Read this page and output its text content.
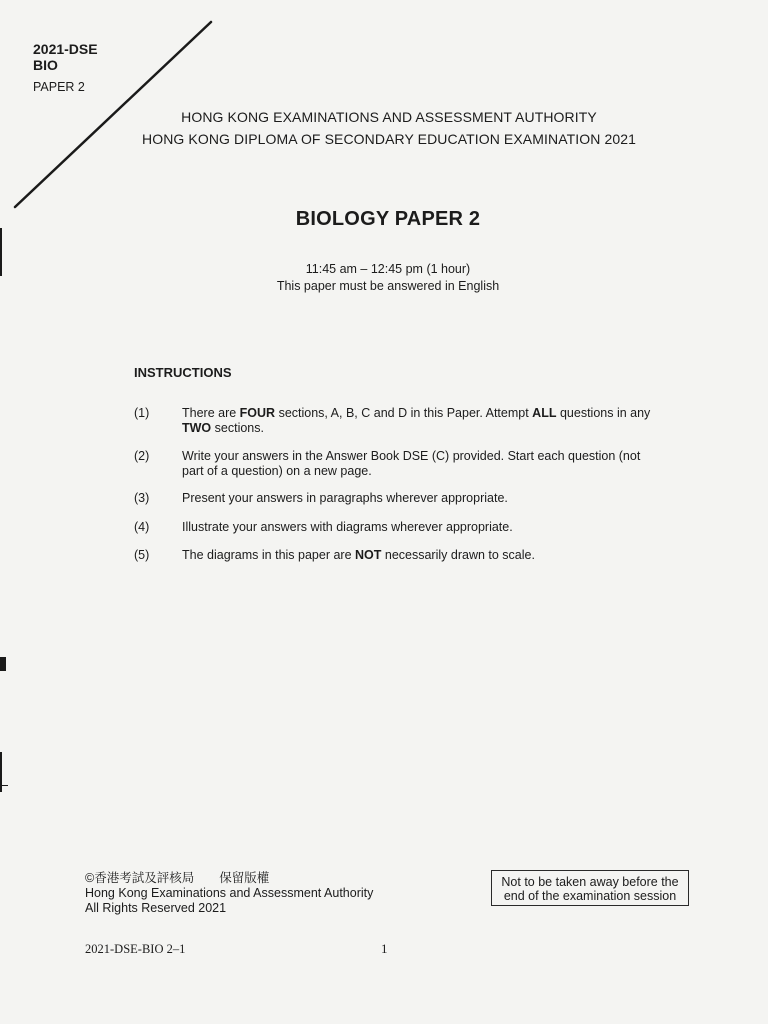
2021-DSE
BIO
PAPER 2
HONG KONG EXAMINATIONS AND ASSESSMENT AUTHORITY
HONG KONG DIPLOMA OF SECONDARY EDUCATION EXAMINATION 2021
BIOLOGY PAPER 2
11:45 am – 12:45 pm (1 hour)
This paper must be answered in English
INSTRUCTIONS
(1)	There are FOUR sections, A, B, C and D in this Paper. Attempt ALL questions in any TWO sections.
(2)	Write your answers in the Answer Book DSE (C) provided. Start each question (not part of a question) on a new page.
(3)	Present your answers in paragraphs wherever appropriate.
(4)	Illustrate your answers with diagrams wherever appropriate.
(5)	The diagrams in this paper are NOT necessarily drawn to scale.
©香港考試及評核局　　保留版權
Hong Kong Examinations and Assessment Authority
All Rights Reserved 2021
Not to be taken away before the end of the examination session
2021-DSE-BIO 2–1	1
